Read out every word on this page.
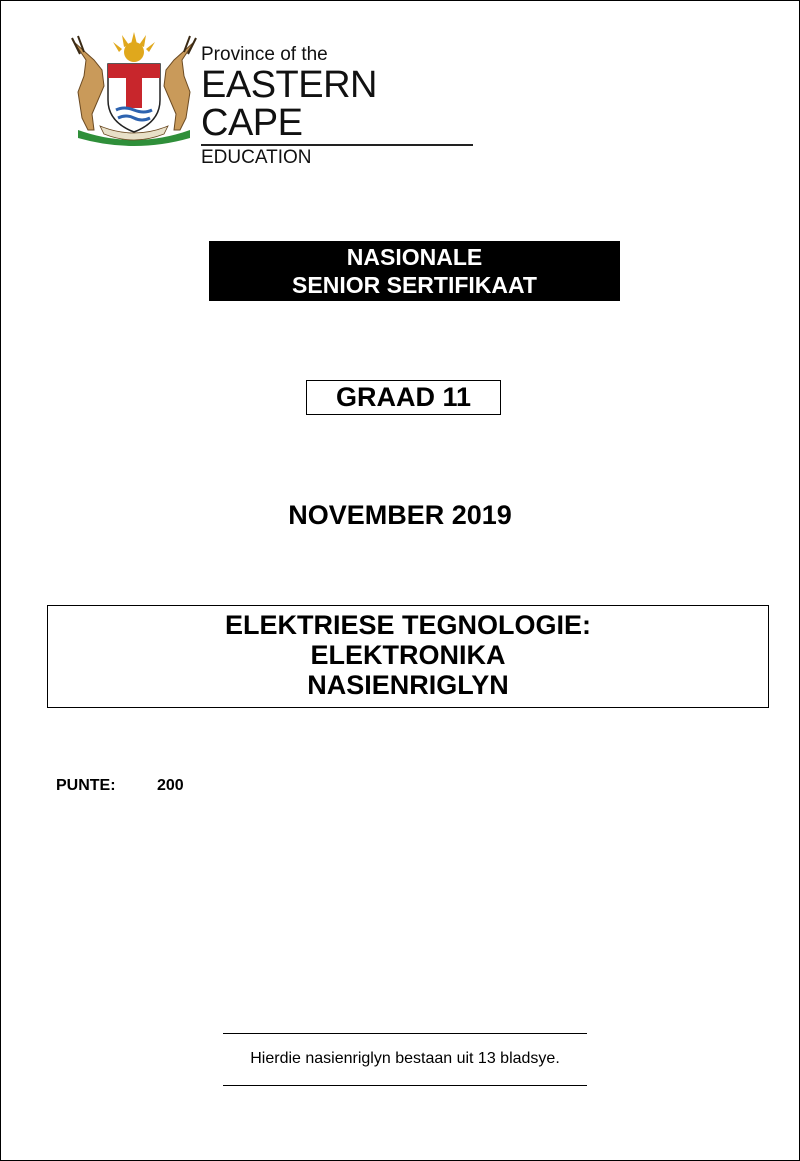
Province of the
EASTERN CAPE
EDUCATION
NASIONALE
SENIOR SERTIFIKAAT
GRAAD 11
NOVEMBER 2019
ELEKTRIESE TEGNOLOGIE:
ELEKTRONIKA
NASIENRIGLYN
PUNTE:	200
Hierdie nasienriglyn bestaan uit 13 bladsye.
